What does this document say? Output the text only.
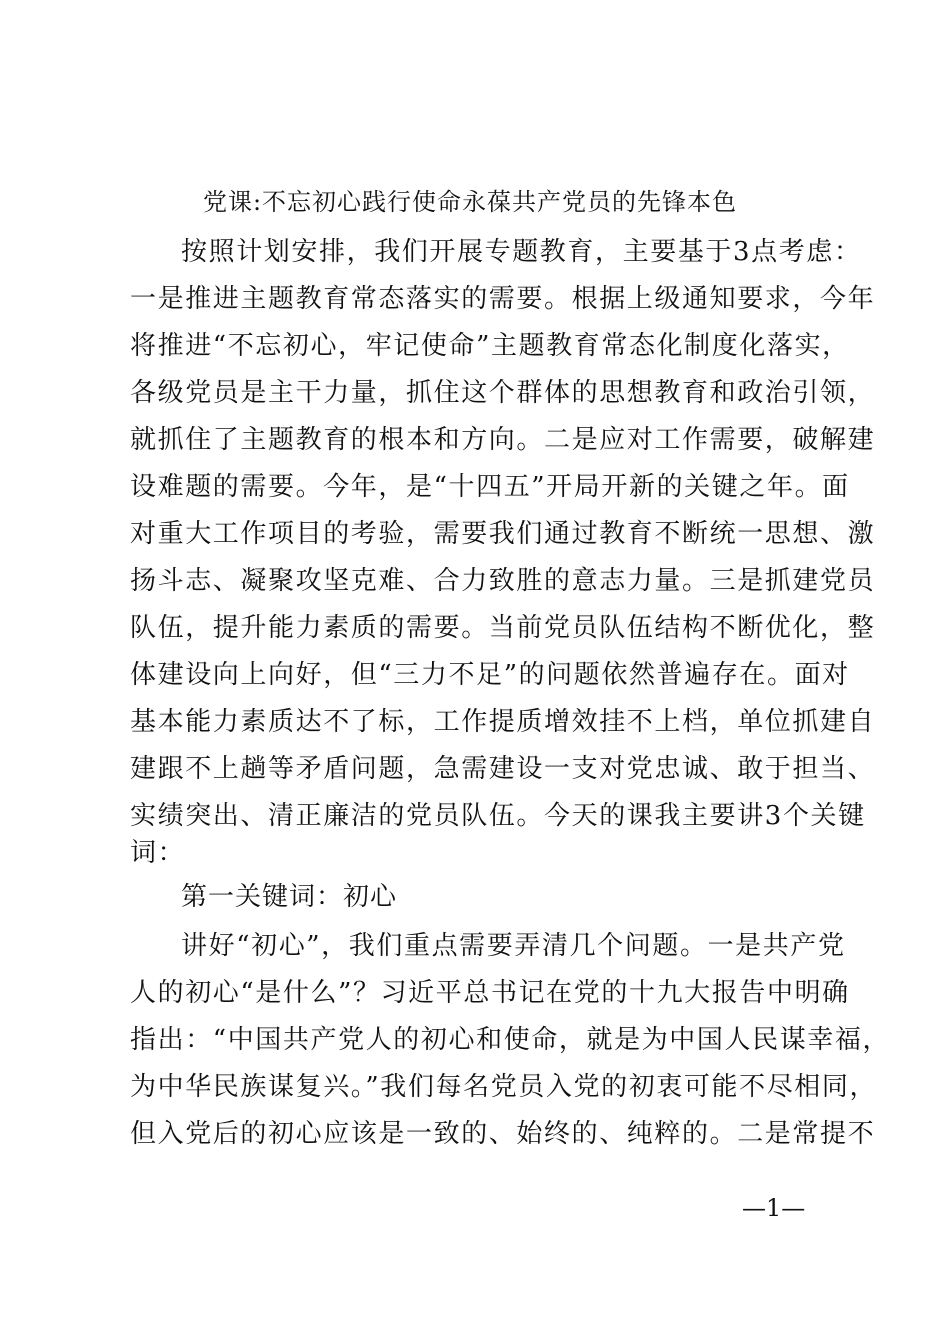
党课:不忘初心践行使命永葆共产党员的先锋本色
按照计划安排，我们开展专题教育，主要基于3点考虑：
一是推进主题教育常态落实的需要。根据上级通知要求，今年
将推进“不忘初心，牢记使命”主题教育常态化制度化落实，
各级党员是主干力量，抓住这个群体的思想教育和政治引领，
就抓住了主题教育的根本和方向。二是应对工作需要，破解建
设难题的需要。今年，是“十四五”开局开新的关键之年。面
对重大工作项目的考验，需要我们通过教育不断统一思想、激
扬斗志、凝聚攻坚克难、合力致胜的意志力量。三是抓建党员
队伍，提升能力素质的需要。当前党员队伍结构不断优化，整
体建设向上向好，但“三力不足”的问题依然普遍存在。面对
基本能力素质达不了标，工作提质增效挂不上档，单位抓建自
建跟不上趟等矛盾问题，急需建设一支对党忠诚、敢于担当、
实绩突出、清正廉洁的党员队伍。今天的课我主要讲3个关键
词：
第一关键词：初心
讲好“初心”，我们重点需要弄清几个问题。一是共产党
人的初心“是什么”？习近平总书记在党的十九大报告中明确
指出：“中国共产党人的初心和使命，就是为中国人民谋幸福，
为中华民族谋复兴。”我们每名党员入党的初衷可能不尽相同，
但入党后的初心应该是一致的、始终的、纯粹的。二是常提不
—1—
